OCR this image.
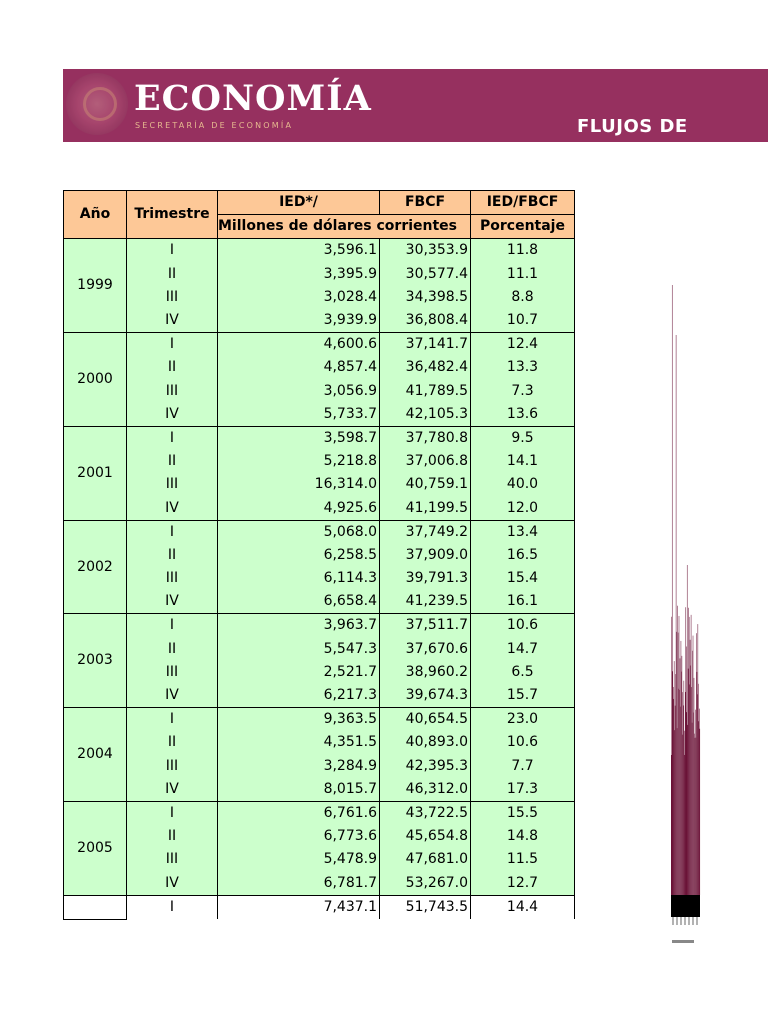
ECONOMÍA
SECRETARÍA DE ECONOMÍA	FLUJOS DE
Año	Trimestre	IED*/	FBCF	IED/FBCF
		Millones de dólares corrientes		Porcentaje
1999	I	3,596.1	30,353.9	11.8
	II	3,395.9	30,577.4	11.1
	III	3,028.4	34,398.5	8.8
	IV	3,939.9	36,808.4	10.7
2000	I	4,600.6	37,141.7	12.4
	II	4,857.4	36,482.4	13.3
	III	3,056.9	41,789.5	7.3
	IV	5,733.7	42,105.3	13.6
2001	I	3,598.7	37,780.8	9.5
	II	5,218.8	37,006.8	14.1
	III	16,314.0	40,759.1	40.0
	IV	4,925.6	41,199.5	12.0
2002	I	5,068.0	37,749.2	13.4
	II	6,258.5	37,909.0	16.5
	III	6,114.3	39,791.3	15.4
	IV	6,658.4	41,239.5	16.1
2003	I	3,963.7	37,511.7	10.6
	II	5,547.3	37,670.6	14.7
	III	2,521.7	38,960.2	6.5
	IV	6,217.3	39,674.3	15.7
2004	I	9,363.5	40,654.5	23.0
	II	4,351.5	40,893.0	10.6
	III	3,284.9	42,395.3	7.7
	IV	8,015.7	46,312.0	17.3
2005	I	6,761.6	43,722.5	15.5
	II	6,773.6	45,654.8	14.8
	III	5,478.9	47,681.0	11.5
	IV	6,781.7	53,267.0	12.7
	I	7,437.1	51,743.5	14.4
